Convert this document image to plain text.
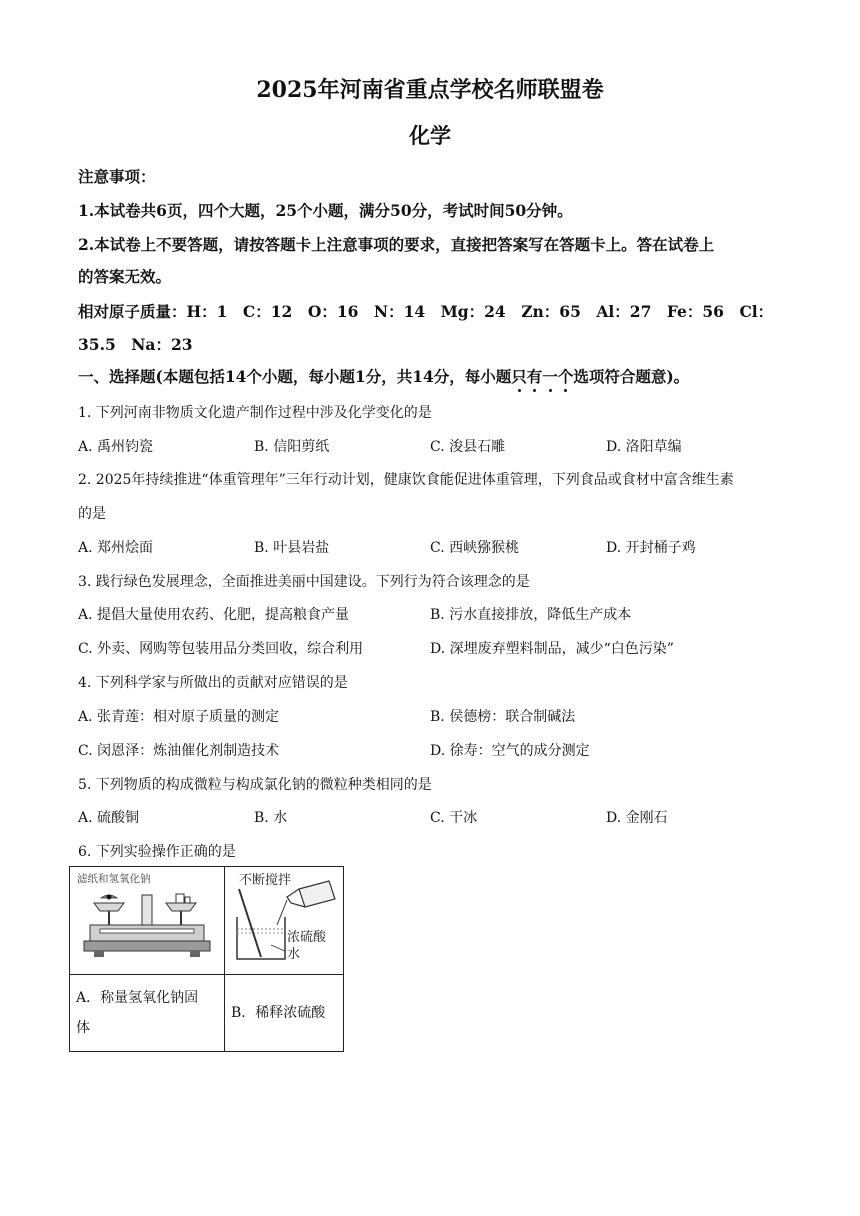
2025年河南省重点学校名师联盟卷
化学
注意事项：
1.本试卷共6页，四个大题，25个小题，满分50分，考试时间50分钟。
2.本试卷上不要答题，请按答题卡上注意事项的要求，直接把答案写在答题卡上。答在试卷上
的答案无效。
相对原子质量：H：1　C：12　O：16　N：14　Mg：24　Zn：65　Al：27　Fe：56　Cl：
35.5　Na：23
一、选择题(本题包括14个小题，每小题1分，共14分，每小题只有一个选项符合题意)。
1. 下列河南非物质文化遗产制作过程中涉及化学变化的是
A. 禹州钧瓷	B. 信阳剪纸	C. 浚县石雕	D. 洛阳草编
2. 2025年持续推进“体重管理年”三年行动计划，健康饮食能促进体重管理，下列食品或食材中富含维生素
的是
A. 郑州烩面	B. 叶县岩盐	C. 西峡猕猴桃	D. 开封桶子鸡
3. 践行绿色发展理念，全面推进美丽中国建设。下列行为符合该理念的是
A. 提倡大量使用农药、化肥，提高粮食产量	B. 污水直接排放，降低生产成本
C. 外卖、网购等包装用品分类回收，综合利用	D. 深埋废弃塑料制品，减少“白色污染”
4. 下列科学家与所做出的贡献对应错误的是
A. 张青莲：相对原子质量的测定	B. 侯德榜：联合制碱法
C. 闵恩泽：炼油催化剂制造技术	D. 徐寿：空气的成分测定
5. 下列物质的构成微粒与构成氯化钠的微粒种类相同的是
A. 硫酸铜	B. 水	C. 干冰	D. 金刚石
6. 下列实验操作正确的是
滤纸和氢氧化钠	不断搅拌
浓硫酸
水

A．称量氢氧化钠固
体	B．稀释浓硫酸
